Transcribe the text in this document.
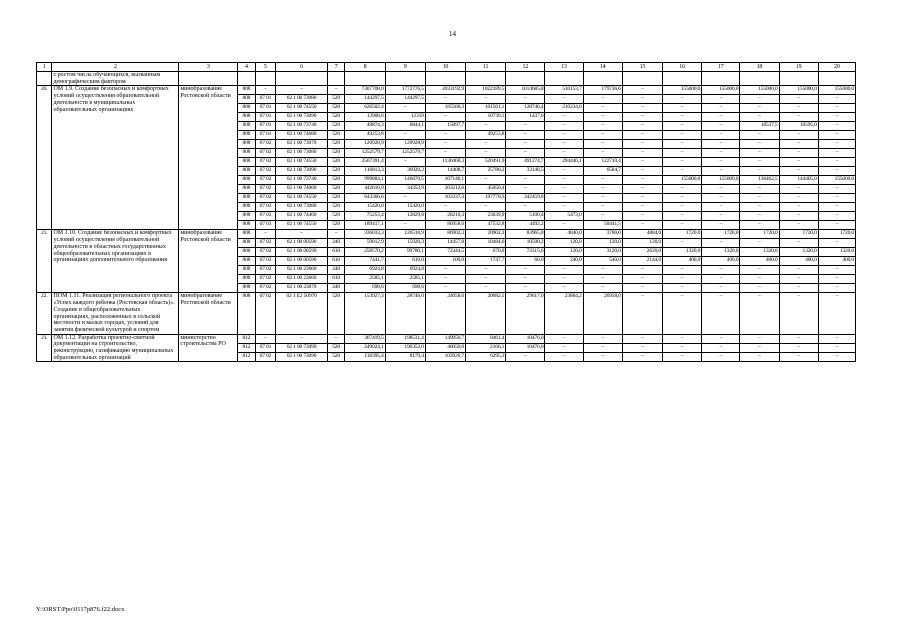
14
1	2	3	4	5	6	7	8	9	10	11	12	13	14	15	16	17	18	19	20
	с ростом числа обучающихся, вызванным демографическим фактором																		
20.	ОМ 1.9. Создание безопасных и комфортных условий осуществления образовательной деятельности в муниципальных образовательных организациях	минобразование Ростовской области	808	–	–	–	7307708,0	1772776,5	2033192,9	1022189,5	1014685,8	510153,7	179736,6	–	155000,0	155000,0	155000,0	155000,0	155000,0
			808	07 01	02 1 00 73080	520	144297,5	144297,5	–	–	–	–	–	–	–	–	–	–	–
			808	07 01	02 1 00 74550	520	626502,4	–	185560,3	101561,1	128746,4	210234,6	–	–	–	–	–	–	–
			808	07 01	02 1 00 73090	520	13908,6	12319	–	10739,1	1437,6	–	–	–	–	–	–	–	–
			808	07 01	02 1 00 73740	520	49874,3	6844,1	15897,7	–	–	–	–	–	–	–	18537,5	10595,0	–
			808	07 01	02 1 00 74680	520	49253,8	–	–	49253,8	–	–	–	–	–	–	–	–	–
			808	07 02	02 1 00 73070	520	120928,9	120928,9	–	–	–	–	–	–	–	–	–	–	–
			808	07 02	02 1 00 73080	520	1252579,7	1252579,7	–	–	–	–	–	–	–	–	–	–	–
			808	07 02	02 1 00 74550	520	2567391,4	–	1130468,3	520491,9	491274,7	294446,1	122710,4	–	–	–	–	–	–
			808	07 02	02 1 00 73090	520	116813,3	36920,2	14408,7	25780,2	33148,5	–	6584,7	–	–	–	–	–	–
			808	07 02	02 1 00 73740	520	999884,1	146870,5	107146,1	–	–	–	–	–	155000,0	155000,0	136462,5	144405,0	155000,0
			808	07 02	02 1 00 74060	520	442616,9	34353,9	363212,6	45050,4	–	–	–	–	–	–	–	–	–
			808	07 02	02 1 00 74550	520	643366,6	–	103337,3	197770,3	342459,0	–	–	–	–	–	–	–	–
			808	07 03	02 1 00 73080	520	15420,0	15420,0	–	–	–	–	–	–	–	–	–	–	–
			808	07 03	02 1 00 74460	520	75253,4	12829,8	28210,3	23639,9	5100,4	5473,0	–	–	–	–	–	–	–
			808	07 03	02 1 00 74550	520	189417,1	–	86958,6	47532,8	4492,2	–	50441,5	–	–	–	–	–	–
21.	ОМ 1.10. Создание безопасных и комфортных условий осуществления образовательной деятельности в областных государственных общеобразовательных организациях в организациях дополнительного образования	минобразование Ростовской области	808	–	–	–	336033,3	126518,9	86902,3	20902,3	83965,8	4840,0	3780,0	4884,0	1720,0	1720,0	1720,0	1720,0	1720,0
			808	07 02	02 1 00 00590	240	59812,9	15920,3	14457,8	18484,6	10590,2	120,0	120,0	120,0	–	–	–	–	–
			808	07 02	02 1 00 00590	610	258570,2	99780,1	72344,5	670,0	73315,6	120,0	3120,0	2620,0	1320,0	1320,0	1320,0	1320,0	1320,0
			808	07 03	02 1 00 00590	610	7441,7	610,0	100,0	1747,7	60,0	240,0	540,0	2144,0	400,0	400,0	400,0	400,0	400,0
			808	07 02	02 1 00 23660	240	6924,8	6924,8	–	–	–	–	–	–	–	–	–	–	–
			808	07 02	02 1 00 23660	610	2585,1	2585,1	–	–	–	–	–	–	–	–	–	–	–
			808	07 02	02 1 00 23870	240	698,6	698,6	–	–	–	–	–	–	–	–	–	–	–
22.	ПОМ 1.11. Реализация регионального проекта «Успех каждого ребенка (Ростовская область)». Создание в общеобразовательных организациях, расположенных в сельской местности и малых городах, условий для занятия физической культурой и спортом	минобразование Ростовской области	808	07 02	02 1 E2 50970	520	153927,3	28746,0	24058,6	20682,5	29617,0	23864,2	26958,0	–	–	–	–	–	–
23.	ОМ 1.12. Разработка проектно-сметной документации на строительство, реконструкцию, газификацию муниципальных образовательных организаций	министерство строительства РО	812	–	–	–	367419,5	198531,4	149950,7	8461,4	10476,0	–	–	–	–	–	–	–	–
			812	07 01	02 1 00 73090	520	249024,1	190352,0	46050,0	2166,1	10476,0	–	–	–	–	–	–	–	–
			812	07 02	02 1 00 73090	520	118395,4	8179,4	103920,7	6295,3	–	–	–	–	–	–	–	–	–
Y:\ORST\Ppo\0117p876.f22.docx
